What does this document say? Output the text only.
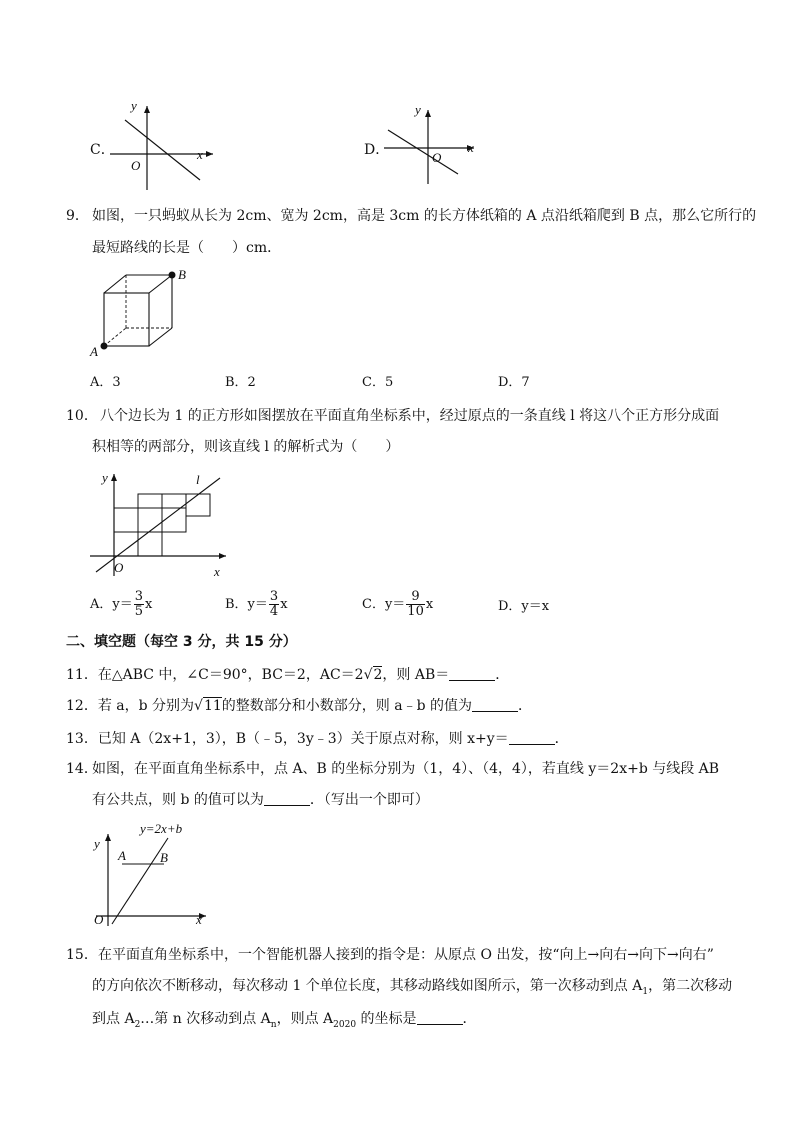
C．
y
x
O
D．
y
x
O
9． 如图，一只蚂蚁从长为 2cm、宽为 2cm，高是 3cm 的长方体纸箱的 A 点沿纸箱爬到 B 点，那么它所行的
最短路线的长是（　　）cm．
A
B
A．3	B．2	C．5	D．7
10． 八个边长为 1 的正方形如图摆放在平面直角坐标系中，经过原点的一条直线 l 将这八个正方形分成面
积相等的两部分，则该直线 l 的解析式为（　　）
y
x
O
l
A．$y= \frac{3}{5}$ x	B．$y= \frac{3}{4}$ x	C．$y= \frac{9}{10}$ x	D．y＝x
二、填空题（每空 3 分，共 15 分）
11．在△ABC 中，∠C＝90°，BC＝2，AC＝2√2，则 AB＝	．
12．若 a，b 分别为√11的整数部分和小数部分，则 a﹣b 的值为	．
13．已知 A（2x+1，3），B（﹣5，3y﹣3）关于原点对称，则 x+y＝	．
14．
如图，在平面直角坐标系中，点 A、B 的坐标分别为（1，4）、（4，4），若直线 y＝2x+b 与线段 AB
有公共点，则 b 的值可以为	．（写出一个即可）
y=2x+b
A	B
y
x
O
15． 在平面直角坐标系中，一个智能机器人接到的指令是：从原点 O 出发，按“向上→向右→向下→向右”
的方向依次不断移动，每次移动 1 个单位长度，其移动路线如图所示，第一次移动到点 $A_1$，第二次移动
到点 $A_2\dots$第 n 次移动到点 $A_n$，则点 $A_{2020}$ 的坐标是	．
